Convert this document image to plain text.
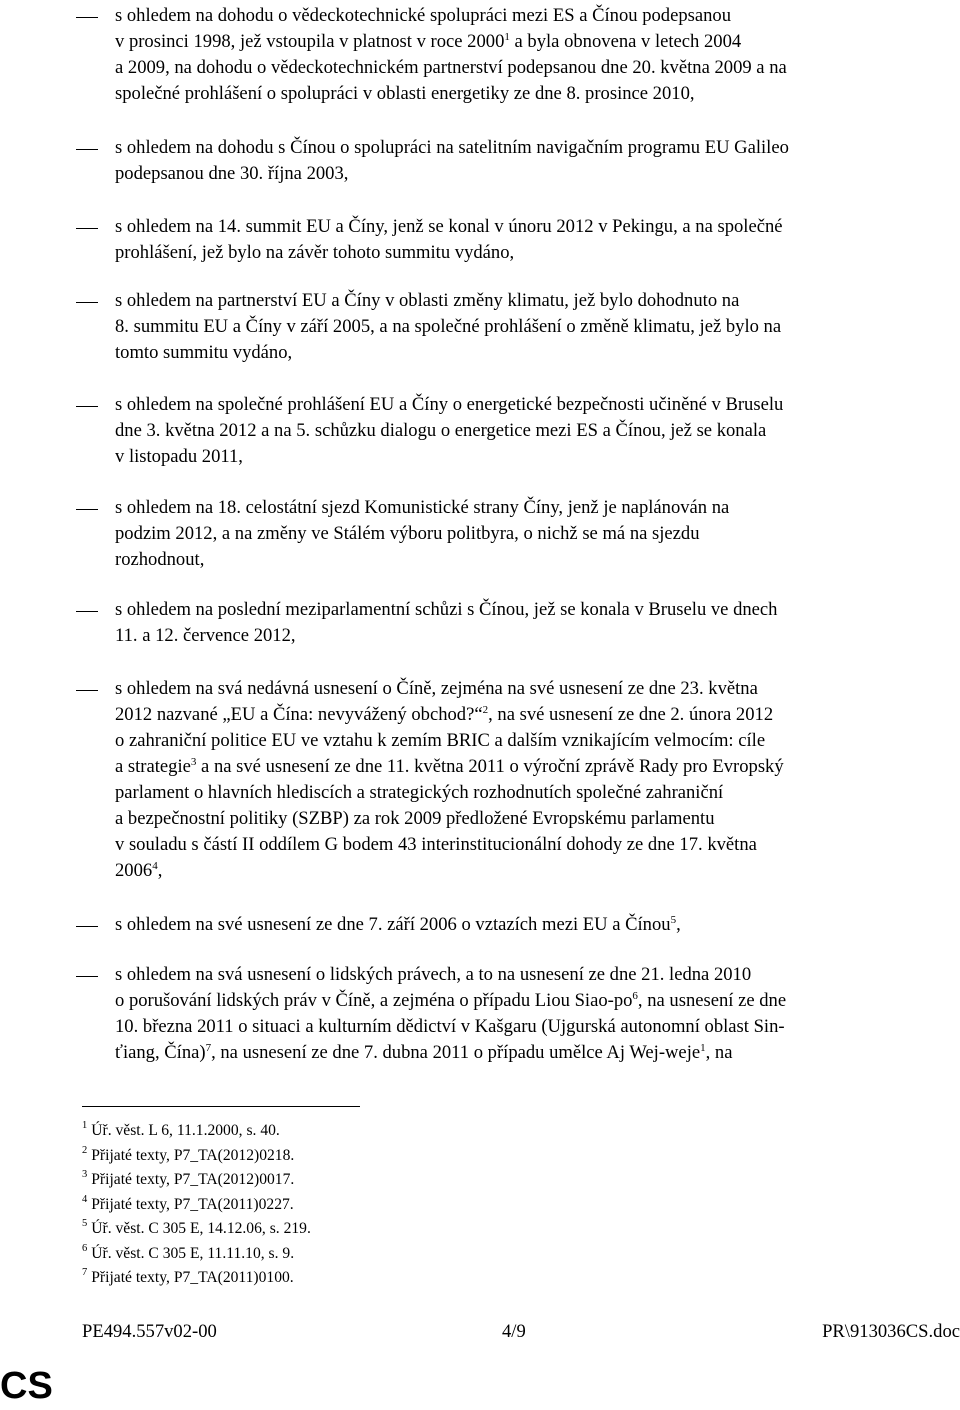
s ohledem na dohodu o vědeckotechnické spolupráci mezi ES a Čínou podepsanou
v prosinci 1998, jež vstoupila v platnost v roce 2000$^1$ a byla obnovena v letech 2004
a 2009, na dohodu o vědeckotechnickém partnerství podepsanou dne 20. května 2009 a na
společné prohlášení o spolupráci v oblasti energetiky ze dne 8. prosince 2010,
s ohledem na dohodu s Čínou o spolupráci na satelitním navigačním programu EU Galileo
podepsanou dne 30. října 2003,
s ohledem na 14. summit EU a Číny, jenž se konal v únoru 2012 v Pekingu, a na společné
prohlášení, jež bylo na závěr tohoto summitu vydáno,
s ohledem na partnerství EU a Číny v oblasti změny klimatu, jež bylo dohodnuto na
8. summitu EU a Číny v září 2005, a na společné prohlášení o změně klimatu, jež bylo na
tomto summitu vydáno,
s ohledem na společné prohlášení EU a Číny o energetické bezpečnosti učiněné v Bruselu
dne 3. května 2012 a na 5. schůzku dialogu o energetice mezi ES a Čínou, jež se konala
v listopadu 2011,
s ohledem na 18. celostátní sjezd Komunistické strany Číny, jenž je naplánován na
podzim 2012, a na změny ve Stálém výboru politbyra, o nichž se má na sjezdu
rozhodnout,
s ohledem na poslední meziparlamentní schůzi s Čínou, jež se konala v Bruselu ve dnech
11. a 12. července 2012,
s ohledem na svá nedávná usnesení o Číně, zejména na své usnesení ze dne 23. května
2012 nazvané „EU a Čína: nevyvážený obchod?“$^2$, na své usnesení ze dne 2. února 2012
o zahraniční politice EU ve vztahu k zemím BRIC a dalším vznikajícím velmocím: cíle
a strategie$^3$ a na své usnesení ze dne 11. května 2011 o výroční zprávě Rady pro Evropský
parlament o hlavních hlediscích a strategických rozhodnutích společné zahraniční
a bezpečnostní politiky (SZBP) za rok 2009 předložené Evropskému parlamentu
v souladu s částí II oddílem G bodem 43 interinstitucionální dohody ze dne 17. května
2006$^4$,
s ohledem na své usnesení ze dne 7. září 2006 o vztazích mezi EU a Čínou$^5$,
s ohledem na svá usnesení o lidských právech, a to na usnesení ze dne 21. ledna 2010
o porušování lidských práv v Číně, a zejména o případu Liou Siao-$po^6$, na usnesení ze dne
10. března 2011 o situaci a kulturním dědictví v Kašgaru (Ujgurská autonomní oblast Sin-
ťiang, Čína)$^7$, na usnesení ze dne 7. dubna 2011 o případu umělce Aj Wej-weje$^1$, na
$^1$ Úř. věst. L 6, 11.1.2000, s. 40.
$^2$ Přijaté texty, P7_TA(2012)0218.
$^3$ Přijaté texty, P7_TA(2012)0017.
$^4$ Přijaté texty, P7_TA(2011)0227.
$^5$ Úř. věst. C 305 E, 14.12.06, s. 219.
$^6$ Úř. věst. C 305 E, 11.11.10, s. 9.
$^7$ Přijaté texty, P7_TA(2011)0100.
PE494.557v02-00	4/9	PR\913036CS.doc
CS
